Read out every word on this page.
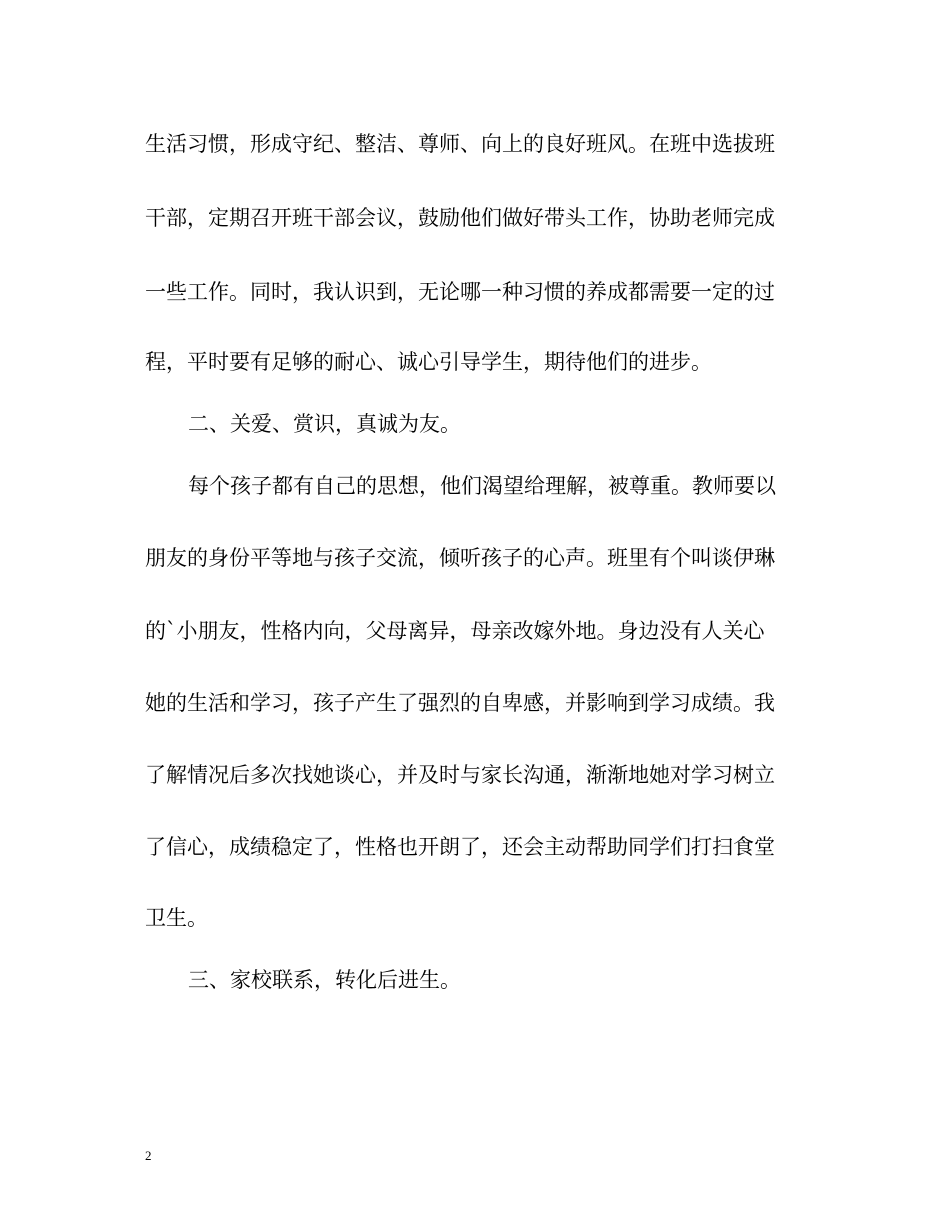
生活习惯，形成守纪、整洁、尊师、向上的良好班风。在班中选拔班
干部，定期召开班干部会议，鼓励他们做好带头工作，协助老师完成
一些工作。同时，我认识到，无论哪一种习惯的养成都需要一定的过
程，平时要有足够的耐心、诚心引导学生，期待他们的进步。
二、关爱、赏识，真诚为友。
每个孩子都有自己的思想，他们渴望给理解，被尊重。教师要以
朋友的身份平等地与孩子交流，倾听孩子的心声。班里有个叫谈伊琳
的`小朋友，性格内向，父母离异，母亲改嫁外地。身边没有人关心
她的生活和学习，孩子产生了强烈的自卑感，并影响到学习成绩。我
了解情况后多次找她谈心，并及时与家长沟通，渐渐地她对学习树立
了信心，成绩稳定了，性格也开朗了，还会主动帮助同学们打扫食堂
卫生。
三、家校联系，转化后进生。
2
